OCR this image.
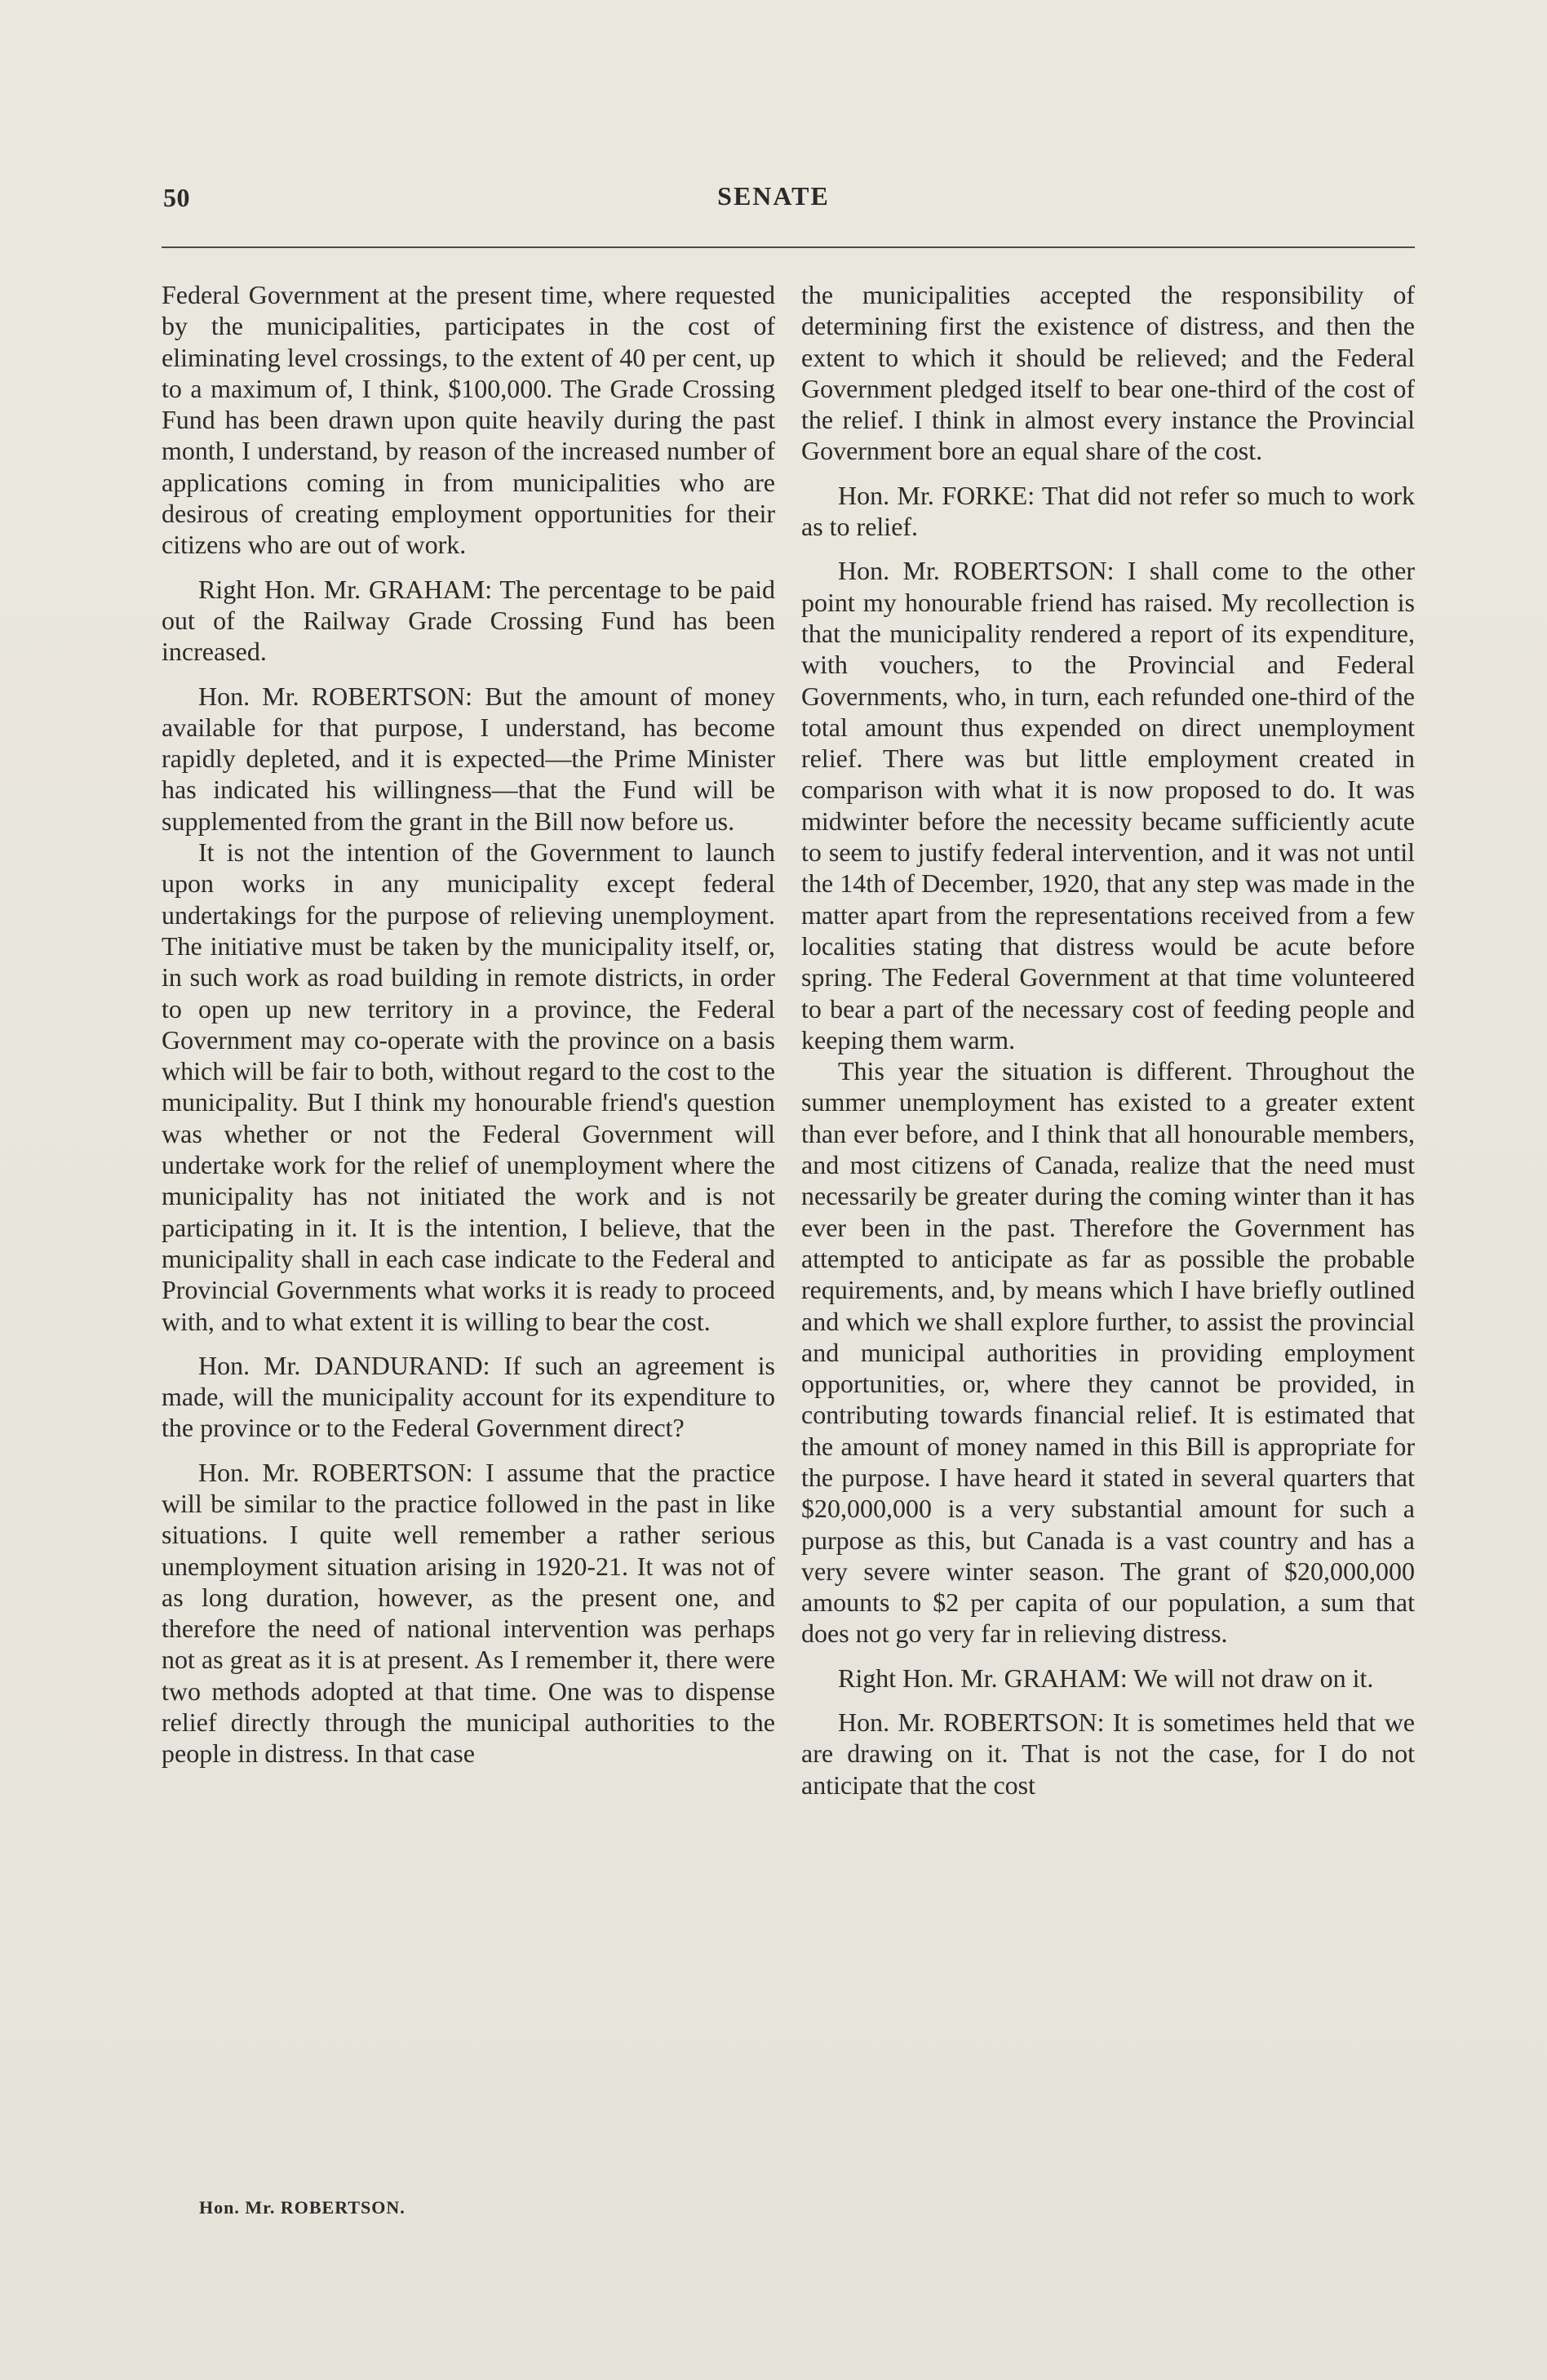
50	SENATE

Federal Government at the present time, where requested by the municipalities, participates in the cost of eliminating level crossings, to the extent of 40 per cent, up to a maximum of, I think, $100,000. The Grade Crossing Fund has been drawn upon quite heavily during the past month, I understand, by reason of the increased number of applications coming in from municipalities who are desirous of creating employment opportunities for their citizens who are out of work.

Right Hon. Mr. GRAHAM: The percentage to be paid out of the Railway Grade Crossing Fund has been increased.

Hon. Mr. ROBERTSON: But the amount of money available for that purpose, I understand, has become rapidly depleted, and it is expected—the Prime Minister has indicated his willingness—that the Fund will be supplemented from the grant in the Bill now before us.

It is not the intention of the Government to launch upon works in any municipality except federal undertakings for the purpose of relieving unemployment. The initiative must be taken by the municipality itself, or, in such work as road building in remote districts, in order to open up new territory in a province, the Federal Government may co-operate with the province on a basis which will be fair to both, without regard to the cost to the municipality. But I think my honourable friend's question was whether or not the Federal Government will undertake work for the relief of unemployment where the municipality has not initiated the work and is not participating in it. It is the intention, I believe, that the municipality shall in each case indicate to the Federal and Provincial Governments what works it is ready to proceed with, and to what extent it is willing to bear the cost.

Hon. Mr. DANDURAND: If such an agreement is made, will the municipality account for its expenditure to the province or to the Federal Government direct?

Hon. Mr. ROBERTSON: I assume that the practice will be similar to the practice followed in the past in like situations. I quite well remember a rather serious unemployment situation arising in 1920-21. It was not of as long duration, however, as the present one, and therefore the need of national intervention was perhaps not as great as it is at present. As I remember it, there were two methods adopted at that time. One was to dispense relief directly through the municipal authorities to the people in distress. In that case

the municipalities accepted the responsibility of determining first the existence of distress, and then the extent to which it should be relieved; and the Federal Government pledged itself to bear one-third of the cost of the relief. I think in almost every instance the Provincial Government bore an equal share of the cost.

Hon. Mr. FORKE: That did not refer so much to work as to relief.

Hon. Mr. ROBERTSON: I shall come to the other point my honourable friend has raised. My recollection is that the municipality rendered a report of its expenditure, with vouchers, to the Provincial and Federal Governments, who, in turn, each refunded one-third of the total amount thus expended on direct unemployment relief. There was but little employment created in comparison with what it is now proposed to do. It was midwinter before the necessity became sufficiently acute to seem to justify federal intervention, and it was not until the 14th of December, 1920, that any step was made in the matter apart from the representations received from a few localities stating that distress would be acute before spring. The Federal Government at that time volunteered to bear a part of the necessary cost of feeding people and keeping them warm.

This year the situation is different. Throughout the summer unemployment has existed to a greater extent than ever before, and I think that all honourable members, and most citizens of Canada, realize that the need must necessarily be greater during the coming winter than it has ever been in the past. Therefore the Government has attempted to anticipate as far as possible the probable requirements, and, by means which I have briefly outlined and which we shall explore further, to assist the provincial and municipal authorities in providing employment opportunities, or, where they cannot be provided, in contributing towards financial relief. It is estimated that the amount of money named in this Bill is appropriate for the purpose. I have heard it stated in several quarters that $20,000,000 is a very substantial amount for such a purpose as this, but Canada is a vast country and has a very severe winter season. The grant of $20,000,000 amounts to $2 per capita of our population, a sum that does not go very far in relieving distress.

Right Hon. Mr. GRAHAM: We will not draw on it.

Hon. Mr. ROBERTSON: It is sometimes held that we are drawing on it. That is not the case, for I do not anticipate that the cost

Hon. Mr. ROBERTSON.
